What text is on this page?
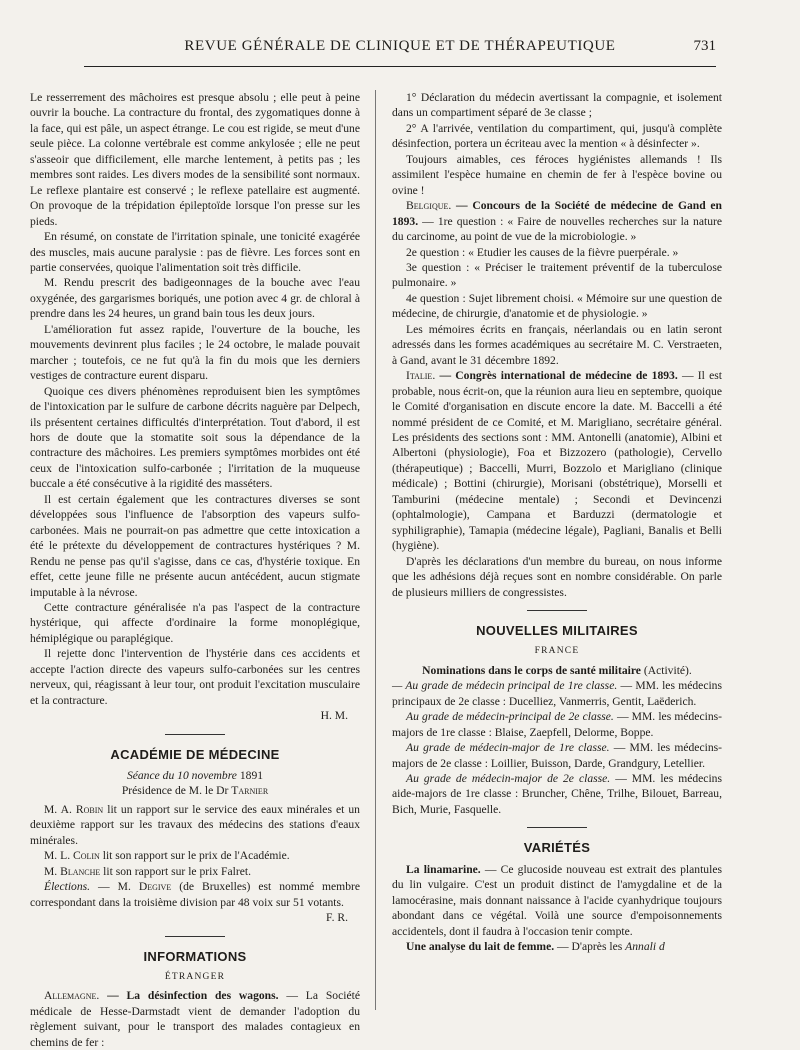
REVUE GÉNÉRALE DE CLINIQUE ET DE THÉRAPEUTIQUE	731

Le resserrement des mâchoires est presque absolu ; elle peut à peine ouvrir la bouche. La contracture du frontal, des zygomatiques donne à la face, qui est pâle, un aspect étrange. Le cou est rigide, se meut d'une seule pièce. La colonne vertébrale est comme ankylosée ; elle ne peut s'asseoir que difficilement, elle marche lentement, à petits pas ; les membres sont raides. Les divers modes de la sensibilité sont normaux. Le reflexe plantaire est conservé ; le reflexe patellaire est augmenté. On provoque de la trépidation épileptoïde lorsque l'on presse sur les pieds.

En résumé, on constate de l'irritation spinale, une tonicité exagérée des muscles, mais aucune paralysie : pas de fièvre. Les forces sont en partie conservées, quoique l'alimentation soit très difficile.

M. Rendu prescrit des badigeonnages de la bouche avec l'eau oxygénée, des gargarismes boriqués, une potion avec 4 gr. de chloral à prendre dans les 24 heures, un grand bain tous les deux jours.

L'amélioration fut assez rapide, l'ouverture de la bouche, les mouvements devinrent plus faciles ; le 24 octobre, le malade pouvait marcher ; toutefois, ce ne fut qu'à la fin du mois que les derniers vestiges de contracture eurent disparu.

Quoique ces divers phénomènes reproduisent bien les symptômes de l'intoxication par le sulfure de carbone décrits naguère par Delpech, ils présentent certaines difficultés d'interprétation. Tout d'abord, il est hors de doute que la stomatite soit sous la dépendance de la contracture des mâchoires. Les premiers symptômes morbides ont été ceux de l'intoxication sulfo-carbonée ; l'irritation de la muqueuse buccale a été consécutive à la rigidité des masséters.

Il est certain également que les contractures diverses se sont développées sous l'influence de l'absorption des vapeurs sulfo-carbonées. Mais ne pourrait-on pas admettre que cette intoxication a été le prétexte du développement de contractures hystériques ? M. Rendu ne pense pas qu'il s'agisse, dans ce cas, d'hystérie toxique. En effet, cette jeune fille ne présente aucun antécédent, aucun stigmate imputable à la névrose.

Cette contracture généralisée n'a pas l'aspect de la contracture hystérique, qui affecte d'ordinaire la forme monoplégique, hémiplégique ou paraplégique.

Il rejette donc l'intervention de l'hystérie dans ces accidents et accepte l'action directe des vapeurs sulfo-carbonées sur les centres nerveux, qui, réagissant à leur tour, ont produit l'excitation musculaire et la contracture.

H. M.

ACADÉMIE DE MÉDECINE

Séance du 10 novembre 1891

Présidence de M. le Dr Tarnier

M. A. Robin lit un rapport sur le service des eaux minérales et un deuxième rapport sur les travaux des médecins des stations d'eaux minérales.

M. L. Colin lit son rapport sur le prix de l'Académie.

M. Blanche lit son rapport sur le prix Falret.

Élections. — M. Degive (de Bruxelles) est nommé membre correspondant dans la troisième division par 48 voix sur 51 votants.

F. R.

INFORMATIONS
ÉTRANGER

Allemagne. — La désinfection des wagons. — La Société médicale de Hesse-Darmstadt vient de demander l'adoption du règlement suivant, pour le transport des malades contagieux en chemins de fer :

1° Déclaration du médecin avertissant la compagnie, et isolement dans un compartiment séparé de 3e classe ;

2° A l'arrivée, ventilation du compartiment, qui, jusqu'à complète désinfection, portera un écriteau avec la mention « à désinfecter ».

Toujours aimables, ces féroces hygiénistes allemands ! Ils assimilent l'espèce humaine en chemin de fer à l'espèce bovine ou ovine !

Belgique. — Concours de la Société de médecine de Gand en 1893. — 1re question : « Faire de nouvelles recherches sur la nature du carcinome, au point de vue de la microbiologie. »

2e question : « Etudier les causes de la fièvre puerpérale. »

3e question : « Préciser le traitement préventif de la tuberculose pulmonaire. »

4e question : Sujet librement choisi. « Mémoire sur une question de médecine, de chirurgie, d'anatomie et de physiologie. »

Les mémoires écrits en français, néerlandais ou en latin seront adressés dans les formes académiques au secrétaire M. C. Verstraeten, à Gand, avant le 31 décembre 1892.

Italie. — Congrès international de médecine de 1893. — Il est probable, nous écrit-on, que la réunion aura lieu en septembre, quoique le Comité d'organisation en discute encore la date. M. Baccelli a été nommé président de ce Comité, et M. Marigliano, secrétaire général. Les présidents des sections sont : MM. Antonelli (anatomie), Albini et Albertoni (physiologie), Foa et Bizzozero (pathologie), Cervello (thérapeutique) ; Baccelli, Murri, Bozzolo et Marigliano (clinique médicale) ; Bottini (chirurgie), Morisani (obstétrique), Morselli et Tamburini (médecine mentale) ; Secondi et Devincenzi (ophtalmologie), Campana et Barduzzi (dermatologie et syphiligraphie), Tamapia (médecine légale), Pagliani, Banalis et Belli (hygiène).

D'après les déclarations d'un membre du bureau, on nous informe que les adhésions déjà reçues sont en nombre considérable. On parle de plusieurs milliers de congressistes.

NOUVELLES MILITAIRES
FRANCE

Nominations dans le corps de santé militaire (Activité).

— Au grade de médecin principal de 1re classe. — MM. les médecins principaux de 2e classe : Ducelliez, Vanmerris, Gentit, Laëderich.

Au grade de médecin-principal de 2e classe. — MM. les médecins-majors de 1re classe : Blaise, Zaepfell, Delorme, Boppe.

Au grade de médecin-major de 1re classe. — MM. les médecins-majors de 2e classe : Loillier, Buisson, Darde, Grandgury, Letellier.

Au grade de médecin-major de 2e classe. — MM. les médecins aide-majors de 1re classe : Bruncher, Chêne, Trilhe, Bilouet, Barreau, Bich, Murie, Fasquelle.

VARIÉTÉS

La linamarine. — Ce glucoside nouveau est extrait des plantules du lin vulgaire. C'est un produit distinct de l'amygdaline et de la lamocérasine, mais donnant naissance à l'acide cyanhydrique toujours abondant dans ce végétal. Voilà une source d'empoisonnements accidentels, dont il faudra à l'occasion tenir compte.

Une analyse du lait de femme. — D'après les Annali d
